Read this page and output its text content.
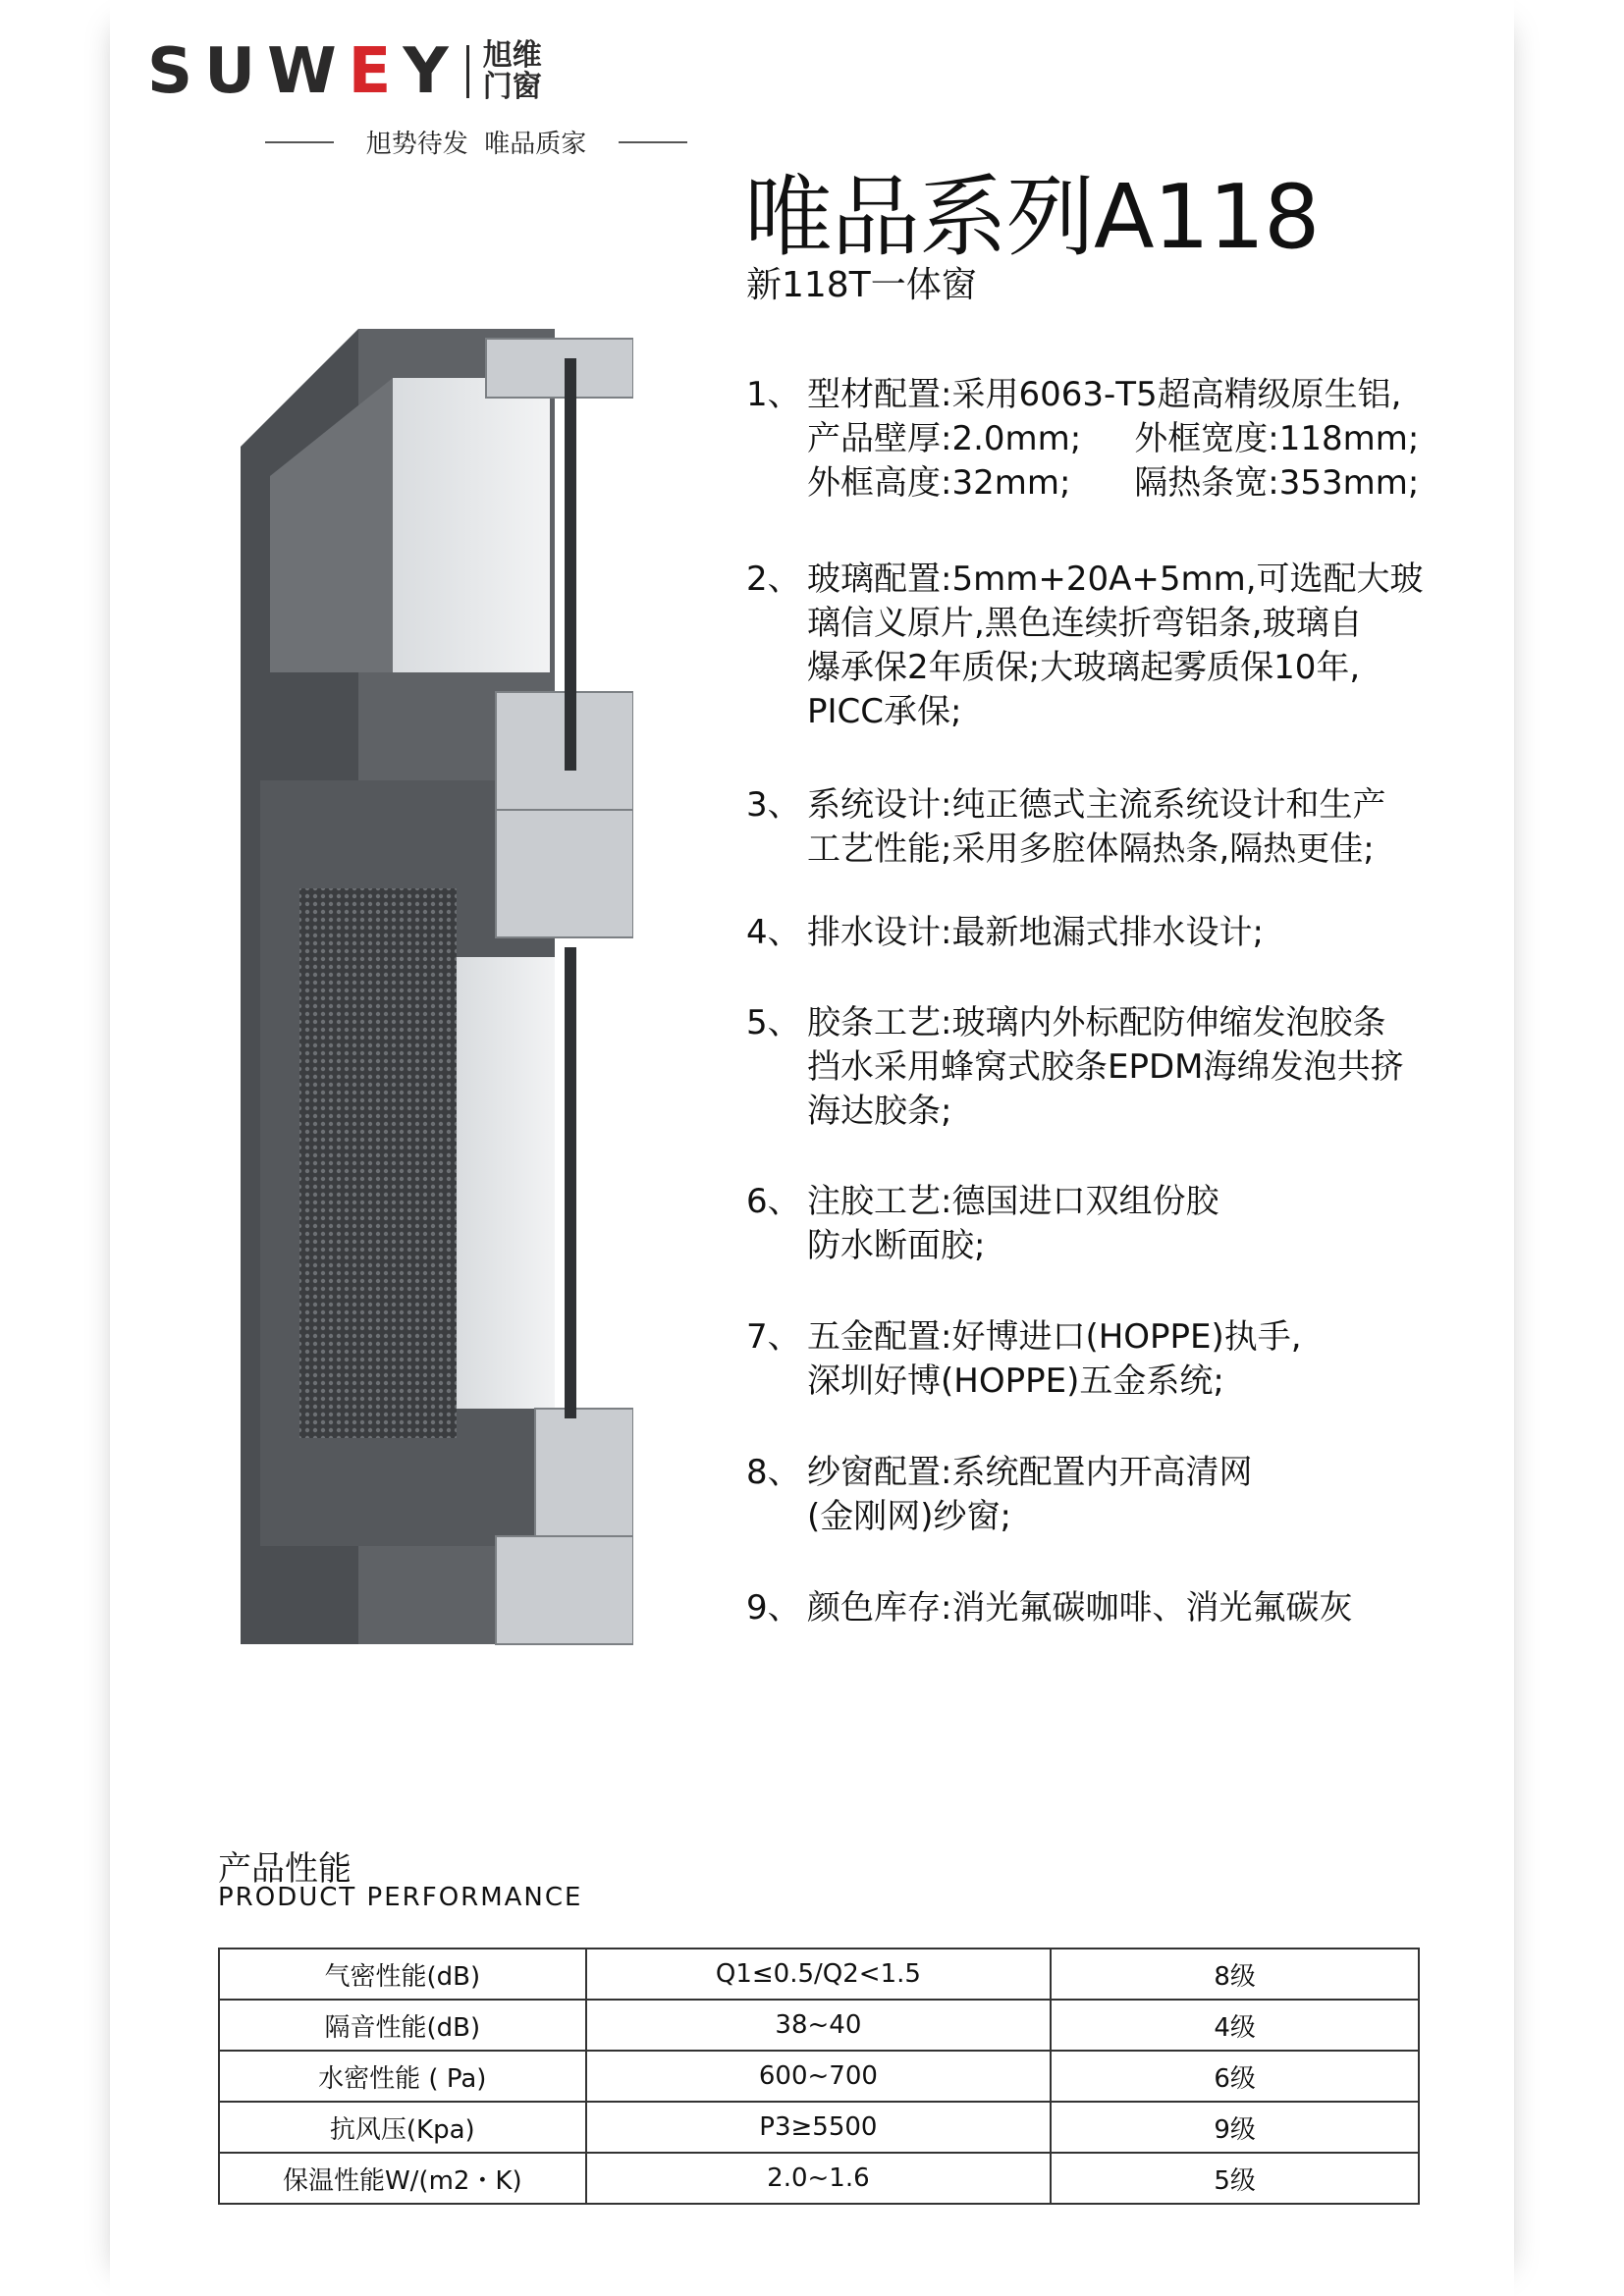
SUWEY 旭维
门窗
旭势待发  唯品质家
唯品系列A118
新118T一体窗
1、 型材配置:采用6063-T5超高精级原生铝,
产品壁厚:2.0mm;     外框宽度:118mm;
外框高度:32mm;      隔热条宽:353mm;
2、 玻璃配置:5mm+20A+5mm,可选配大玻
璃信义原片,黑色连续折弯铝条,玻璃自
爆承保2年质保;大玻璃起雾质保10年,
PICC承保;
3、 系统设计:纯正德式主流系统设计和生产
工艺性能;采用多腔体隔热条,隔热更佳;
4、 排水设计:最新地漏式排水设计;
5、 胶条工艺:玻璃内外标配防伸缩发泡胶条
挡水采用蜂窝式胶条EPDM海绵发泡共挤
海达胶条;
6、 注胶工艺:德国进口双组份胶
防水断面胶;
7、 五金配置:好博进口(HOPPE)执手,
深圳好博(HOPPE)五金系统;
8、 纱窗配置:系统配置内开高清网
(金刚网)纱窗;
9、 颜色库存:消光氟碳咖啡、消光氟碳灰
产品性能
PRODUCT PERFORMANCE
气密性能(dB)	Q1≤0.5/Q2<1.5	8级
隔音性能(dB)	38~40	4级
水密性能 ( Pa)	600~700	6级
抗风压(Kpa)	P3≥5500	9级
保温性能W/(m2・K)	2.0~1.6	5级
